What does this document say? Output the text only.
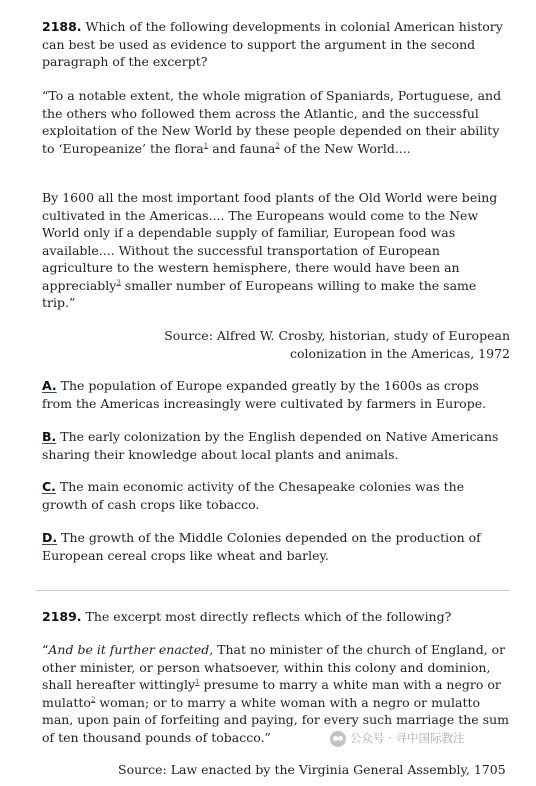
2188. Which of the following developments in colonial American history can best be used as evidence to support the argument in the second paragraph of the excerpt?

“To a notable extent, the whole migration of Spaniards, Portuguese, and the others who followed them across the Atlantic, and the successful exploitation of the New World by these people depended on their ability to ‘Europeanize’ the flora$^1$ and fauna$^2$ of the New World....

By 1600 all the most important food plants of the Old World were being cultivated in the Americas.... The Europeans would come to the New World only if a dependable supply of familiar, European food was available.... Without the successful transportation of European agriculture to the western hemisphere, there would have been an appreciably$^3$ smaller number of Europeans willing to make the same trip.”

Source: Alfred W. Crosby, historian, study of European colonization in the Americas, 1972

A. The population of Europe expanded greatly by the 1600s as crops from the Americas increasingly were cultivated by farmers in Europe.

B. The early colonization by the English depended on Native Americans sharing their knowledge about local plants and animals.

C. The main economic activity of the Chesapeake colonies was the growth of cash crops like tobacco.

D. The growth of the Middle Colonies depended on the production of European cereal crops like wheat and barley.

2189. The excerpt most directly reflects which of the following?

“And be it further enacted, That no minister of the church of England, or other minister, or person whatsoever, within this colony and dominion, shall hereafter wittingly$^1$ presume to marry a white man with a negro or mulatto$^2$ woman; or to marry a white woman with a negro or mulatto man, upon pain of forfeiting and paying, for every such marriage the sum of ten thousand pounds of tobacco.”

Source: Law enacted by the Virginia General Assembly, 1705

公众号 · 寻中国际教注
